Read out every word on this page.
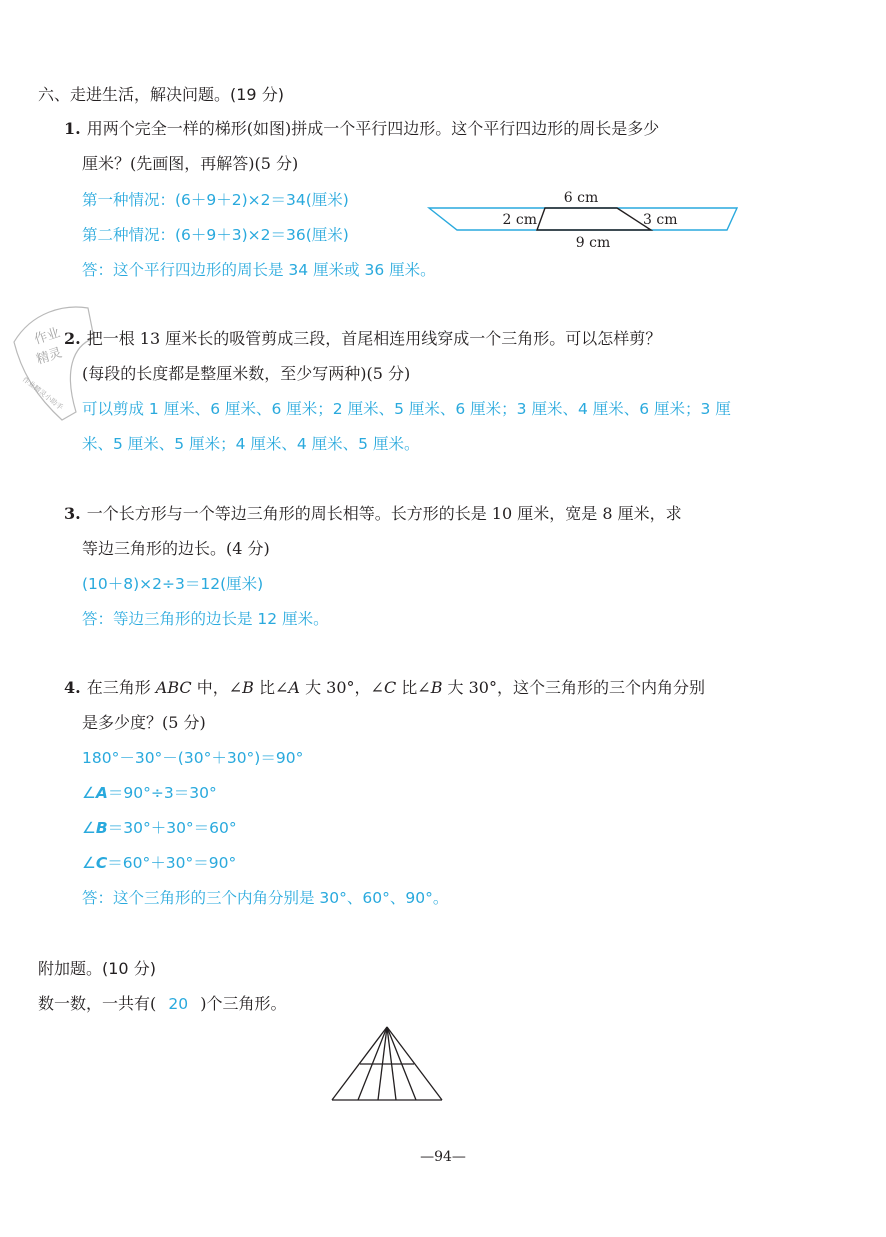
六、走进生活，解决问题。(19 分)
1. 用两个完全一样的梯形(如图)拼成一个平行四边形。这个平行四边形的周长是多少
厘米？(先画图，再解答)(5 分)
第一种情况：(6＋9＋2)×2＝34(厘米)
第二种情况：(6＋9＋3)×2＝36(厘米)
答：这个平行四边形的周长是 34 厘米或 36 厘米。
6 cm
2 cm	3 cm
9 cm
作业
精灵
作业精灵小助手
2. 把一根 13 厘米长的吸管剪成三段，首尾相连用线穿成一个三角形。可以怎样剪？
(每段的长度都是整厘米数，至少写两种)(5 分)
可以剪成 1 厘米、6 厘米、6 厘米；2 厘米、5 厘米、6 厘米；3 厘米、4 厘米、6 厘米；3 厘
米、5 厘米、5 厘米；4 厘米、4 厘米、5 厘米。
3. 一个长方形与一个等边三角形的周长相等。长方形的长是 10 厘米，宽是 8 厘米，求
等边三角形的边长。(4 分)
(10＋8)×2÷3＝12(厘米)
答：等边三角形的边长是 12 厘米。
4. 在三角形 ABC 中，∠B 比∠A 大 30°，∠C 比∠B 大 30°，这个三角形的三个内角分别
是多少度？(5 分)
180°－30°－(30°＋30°)＝90°
∠A＝90°÷3＝30°
∠B＝30°＋30°＝60°
∠C＝60°＋30°＝90°
答：这个三角形的三个内角分别是 30°、60°、90°。
附加题。(10 分)
数一数，一共有( 20 )个三角形。
—94—
